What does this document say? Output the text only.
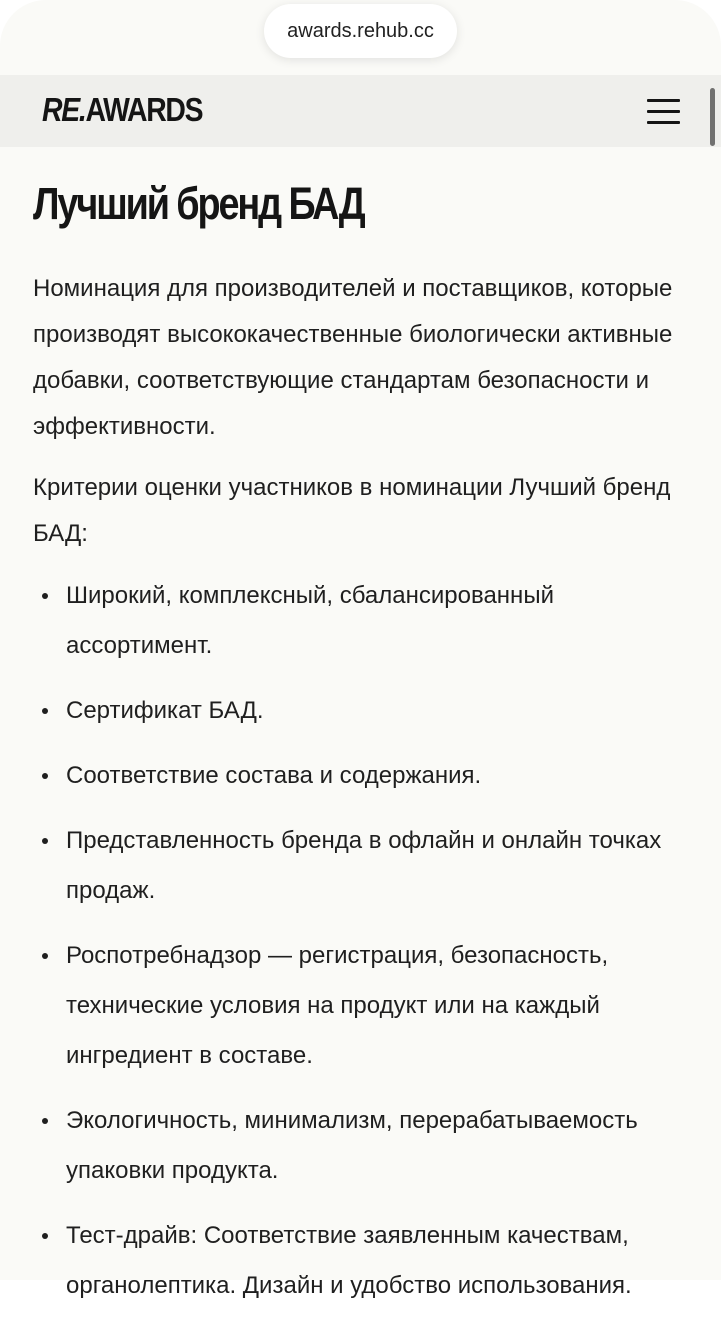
awards.rehub.cc
RE.AWARDS
Лучший бренд БАД

Номинация для производителей и поставщиков, которые производят высококачественные биологически активные добавки, соответствующие стандартам безопасности и эффективности.

Критерии оценки участников в номинации Лучший бренд БАД:

Широкий, комплексный, сбалансированный ассортимент.
Сертификат БАД.
Соответствие состава и содержания.
Представленность бренда в офлайн и онлайн точках продаж.
Роспотребнадзор — регистрация, безопасность, технические условия на продукт или на каждый ингредиент в составе.
Экологичность, минимализм, перерабатываемость упаковки продукта.
Тест-драйв: Соответствие заявленным качествам, органолептика. Дизайн и удобство использования.
